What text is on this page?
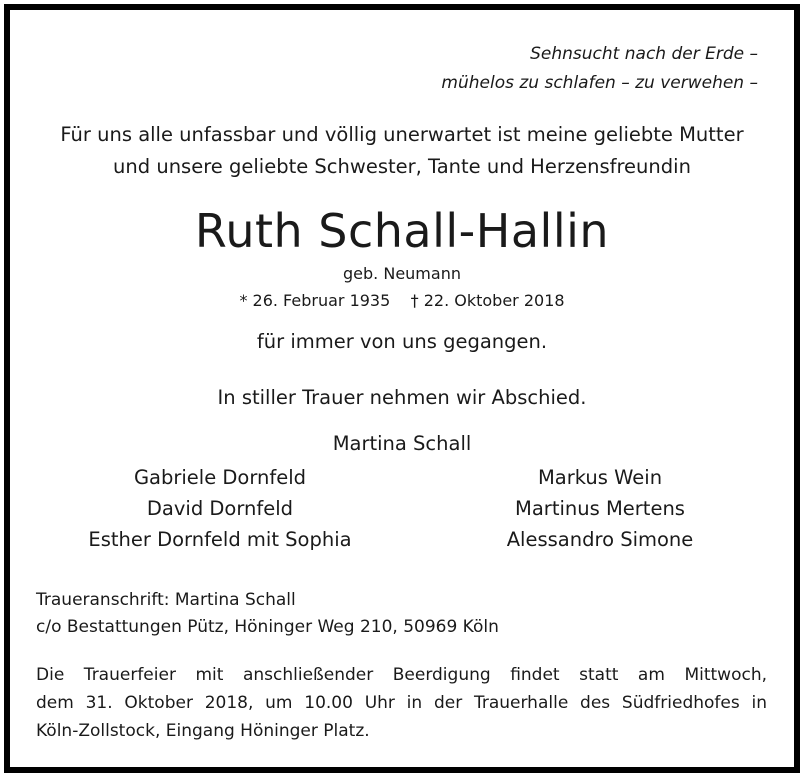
Sehnsucht nach der Erde –
mühelos zu schlafen – zu verwehen –
Für uns alle unfassbar und völlig unerwartet ist meine geliebte Mutter
und unsere geliebte Schwester, Tante und Herzensfreundin
Ruth Schall-Hallin
geb. Neumann
* 26. Februar 1935    † 22. Oktober 2018
für immer von uns gegangen.
In stiller Trauer nehmen wir Abschied.
Martina Schall
Gabriele Dornfeld
David Dornfeld
Esther Dornfeld mit Sophia
Markus Wein
Martinus Mertens
Alessandro Simone
Traueranschrift: Martina Schall
c/o Bestattungen Pütz, Höninger Weg 210, 50969 Köln
Die Trauerfeier mit anschließender Beerdigung findet statt am Mittwoch,
dem 31. Oktober 2018, um 10.00 Uhr in der Trauerhalle des Südfriedhofes in
Köln-Zollstock, Eingang Höninger Platz.
